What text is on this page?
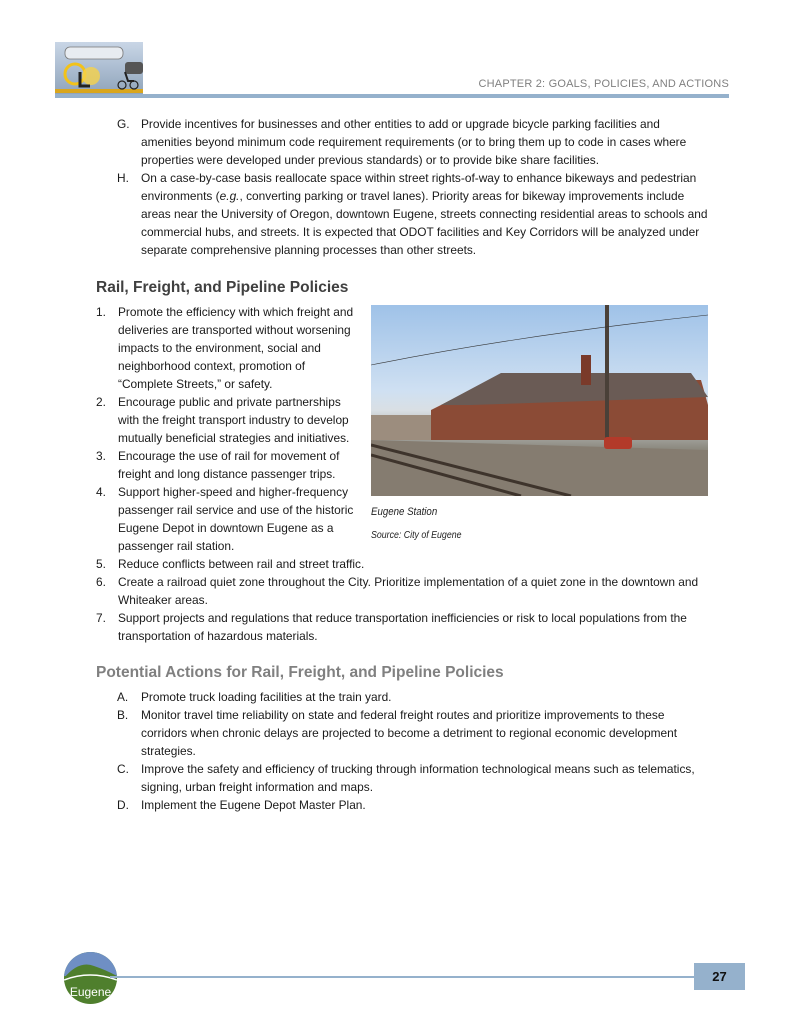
CHAPTER 2: GOALS, POLICIES, AND ACTIONS
G. Provide incentives for businesses and other entities to add or upgrade bicycle parking facilities and amenities beyond minimum code requirement requirements (or to bring them up to code in cases where properties were developed under previous standards) or to provide bike share facilities.
H. On a case-by-case basis reallocate space within street rights-of-way to enhance bikeways and pedestrian environments (e.g., converting parking or travel lanes). Priority areas for bikeway improvements include areas near the University of Oregon, downtown Eugene, streets connecting residential areas to schools and commercial hubs, and streets. It is expected that ODOT facilities and Key Corridors will be analyzed under separate comprehensive planning processes than other streets.
Rail, Freight, and Pipeline Policies
Eugene Station
Source: City of Eugene
1. Promote the efficiency with which freight and deliveries are transported without worsening impacts to the environment, social and neighborhood context, promotion of “Complete Streets,” or safety.
2. Encourage public and private partnerships with the freight transport industry to develop mutually beneficial strategies and initiatives.
3. Encourage the use of rail for movement of freight and long distance passenger trips.
4. Support higher-speed and higher-frequency passenger rail service and use of the historic Eugene Depot in downtown Eugene as a passenger rail station.
5. Reduce conflicts between rail and street traffic.
6. Create a railroad quiet zone throughout the City. Prioritize implementation of a quiet zone in the downtown and Whiteaker areas.
7. Support projects and regulations that reduce transportation inefficiencies or risk to local populations from the transportation of hazardous materials.
Potential Actions for Rail, Freight, and Pipeline Policies
A. Promote truck loading facilities at the train yard.
B. Monitor travel time reliability on state and federal freight routes and prioritize improvements to these corridors when chronic delays are projected to become a detriment to regional economic development strategies.
C. Improve the safety and efficiency of trucking through information technological means such as telematics, signing, urban freight information and maps.
D. Implement the Eugene Depot Master Plan.
Eugene
27
